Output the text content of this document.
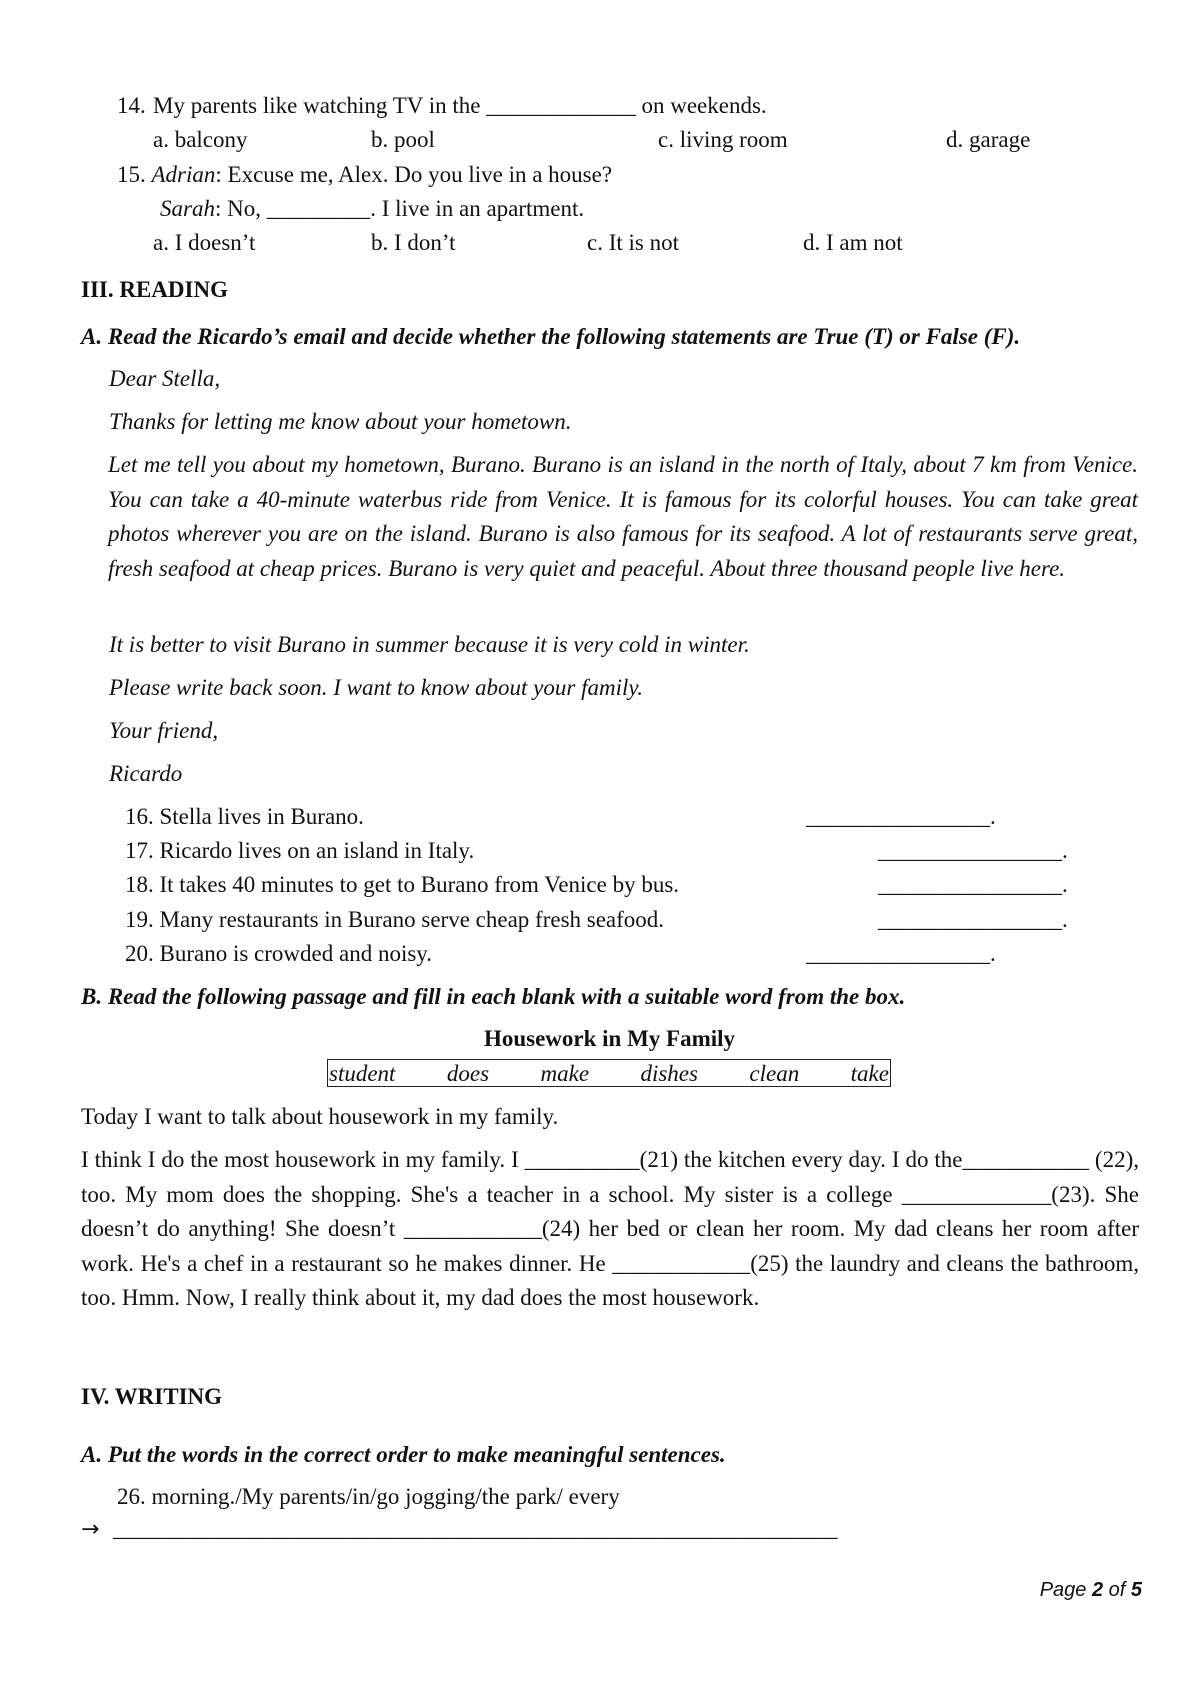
14. My parents like watching TV in the _____________ on weekends.
a. balcony	b. pool	c. living room	d. garage
15. Adrian: Excuse me, Alex. Do you live in a house?
Sarah: No, _________. I live in an apartment.
a. I doesn’t	b. I don’t	c. It is not	d. I am not
III. READING
A. Read the Ricardo’s email and decide whether the following statements are True (T) or False (F).
Dear Stella,
Thanks for letting me know about your hometown.
Let me tell you about my hometown, Burano. Burano is an island in the north of Italy, about 7 km from Venice. You can take a 40-minute waterbus ride from Venice. It is famous for its colorful houses. You can take great photos wherever you are on the island. Burano is also famous for its seafood. A lot of restaurants serve great, fresh seafood at cheap prices. Burano is very quiet and peaceful. About three thousand people live here.
It is better to visit Burano in summer because it is very cold in winter.
Please write back soon. I want to know about your family.
Your friend,
Ricardo
16. Stella lives in Burano.	________________.
17. Ricardo lives on an island in Italy.	________________.
18. It takes 40 minutes to get to Burano from Venice by bus.	________________.
19. Many restaurants in Burano serve cheap fresh seafood.	________________.
20. Burano is crowded and noisy.	________________.
B. Read the following passage and fill in each blank with a suitable word from the box.
Housework in My Family
student does make dishes clean take
Today I want to talk about housework in my family.
I think I do the most housework in my family. I __________(21) the kitchen every day. I do the___________ (22), too. My mom does the shopping. She's a teacher in a school. My sister is a college _____________(23). She doesn’t do anything! She doesn’t ____________(24) her bed or clean her room. My dad cleans her room after work. He's a chef in a restaurant so he makes dinner. He ____________(25) the laundry and cleans the bathroom, too. Hmm. Now, I really think about it, my dad does the most housework.
IV. WRITING
A. Put the words in the correct order to make meaningful sentences.
26. morning./My parents/in/go jogging/the park/ every
→ _______________________________________________________________
Page 2 of 5
